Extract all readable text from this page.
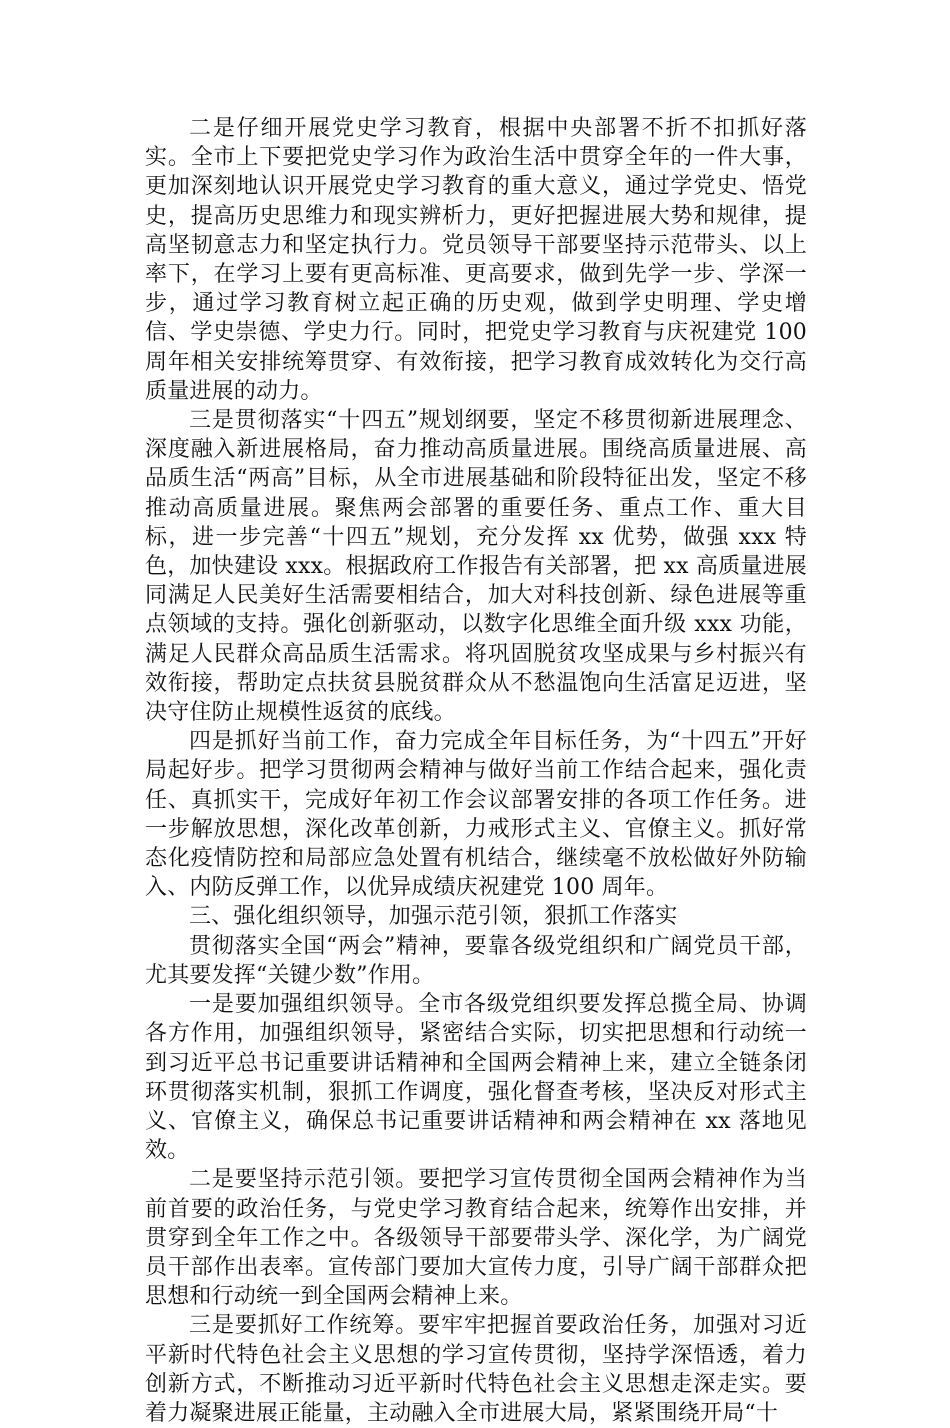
二是仔细开展党史学习教育，根据中央部署不折不扣抓好落实。全市上下要把党史学习作为政治生活中贯穿全年的一件大事，更加深刻地认识开展党史学习教育的重大意义，通过学党史、悟党史，提高历史思维力和现实辨析力，更好把握进展大势和规律，提高坚韧意志力和坚定执行力。党员领导干部要坚持示范带头、以上率下，在学习上要有更高标准、更高要求，做到先学一步、学深一步，通过学习教育树立起正确的历史观，做到学史明理、学史增信、学史崇德、学史力行。同时，把党史学习教育与庆祝建党 100 周年相关安排统筹贯穿、有效衔接，把学习教育成效转化为交行高质量进展的动力。

三是贯彻落实“十四五”规划纲要，坚定不移贯彻新进展理念、深度融入新进展格局，奋力推动高质量进展。围绕高质量进展、高品质生活“两高”目标，从全市进展基础和阶段特征出发，坚定不移推动高质量进展。聚焦两会部署的重要任务、重点工作、重大目标，进一步完善“十四五”规划，充分发挥 xx 优势，做强 xxx 特色，加快建设 xxx。根据政府工作报告有关部署，把 xx 高质量进展同满足人民美好生活需要相结合，加大对科技创新、绿色进展等重点领域的支持。强化创新驱动，以数字化思维全面升级 xxx 功能，满足人民群众高品质生活需求。将巩固脱贫攻坚成果与乡村振兴有效衔接，帮助定点扶贫县脱贫群众从不愁温饱向生活富足迈进，坚决守住防止规模性返贫的底线。

四是抓好当前工作，奋力完成全年目标任务，为“十四五”开好局起好步。把学习贯彻两会精神与做好当前工作结合起来，强化责任、真抓实干，完成好年初工作会议部署安排的各项工作任务。进一步解放思想，深化改革创新，力戒形式主义、官僚主义。抓好常态化疫情防控和局部应急处置有机结合，继续毫不放松做好外防输入、内防反弹工作，以优异成绩庆祝建党 100 周年。

三、强化组织领导，加强示范引领，狠抓工作落实

贯彻落实全国“两会”精神，要靠各级党组织和广阔党员干部，尤其要发挥“关键少数”作用。

一是要加强组织领导。全市各级党组织要发挥总揽全局、协调各方作用，加强组织领导，紧密结合实际，切实把思想和行动统一到习近平总书记重要讲话精神和全国两会精神上来，建立全链条闭环贯彻落实机制，狠抓工作调度，强化督查考核，坚决反对形式主义、官僚主义，确保总书记重要讲话精神和两会精神在 xx 落地见效。

二是要坚持示范引领。要把学习宣传贯彻全国两会精神作为当前首要的政治任务，与党史学习教育结合起来，统筹作出安排，并贯穿到全年工作之中。各级领导干部要带头学、深化学，为广阔党员干部作出表率。宣传部门要加大宣传力度，引导广阔干部群众把思想和行动统一到全国两会精神上来。

三是要抓好工作统筹。要牢牢把握首要政治任务，加强对习近平新时代特色社会主义思想的学习宣传贯彻，坚持学深悟透，着力创新方式，不断推动习近平新时代特色社会主义思想走深走实。要着力凝聚进展正能量，主动融入全市进展大局，紧紧围绕开局“十
